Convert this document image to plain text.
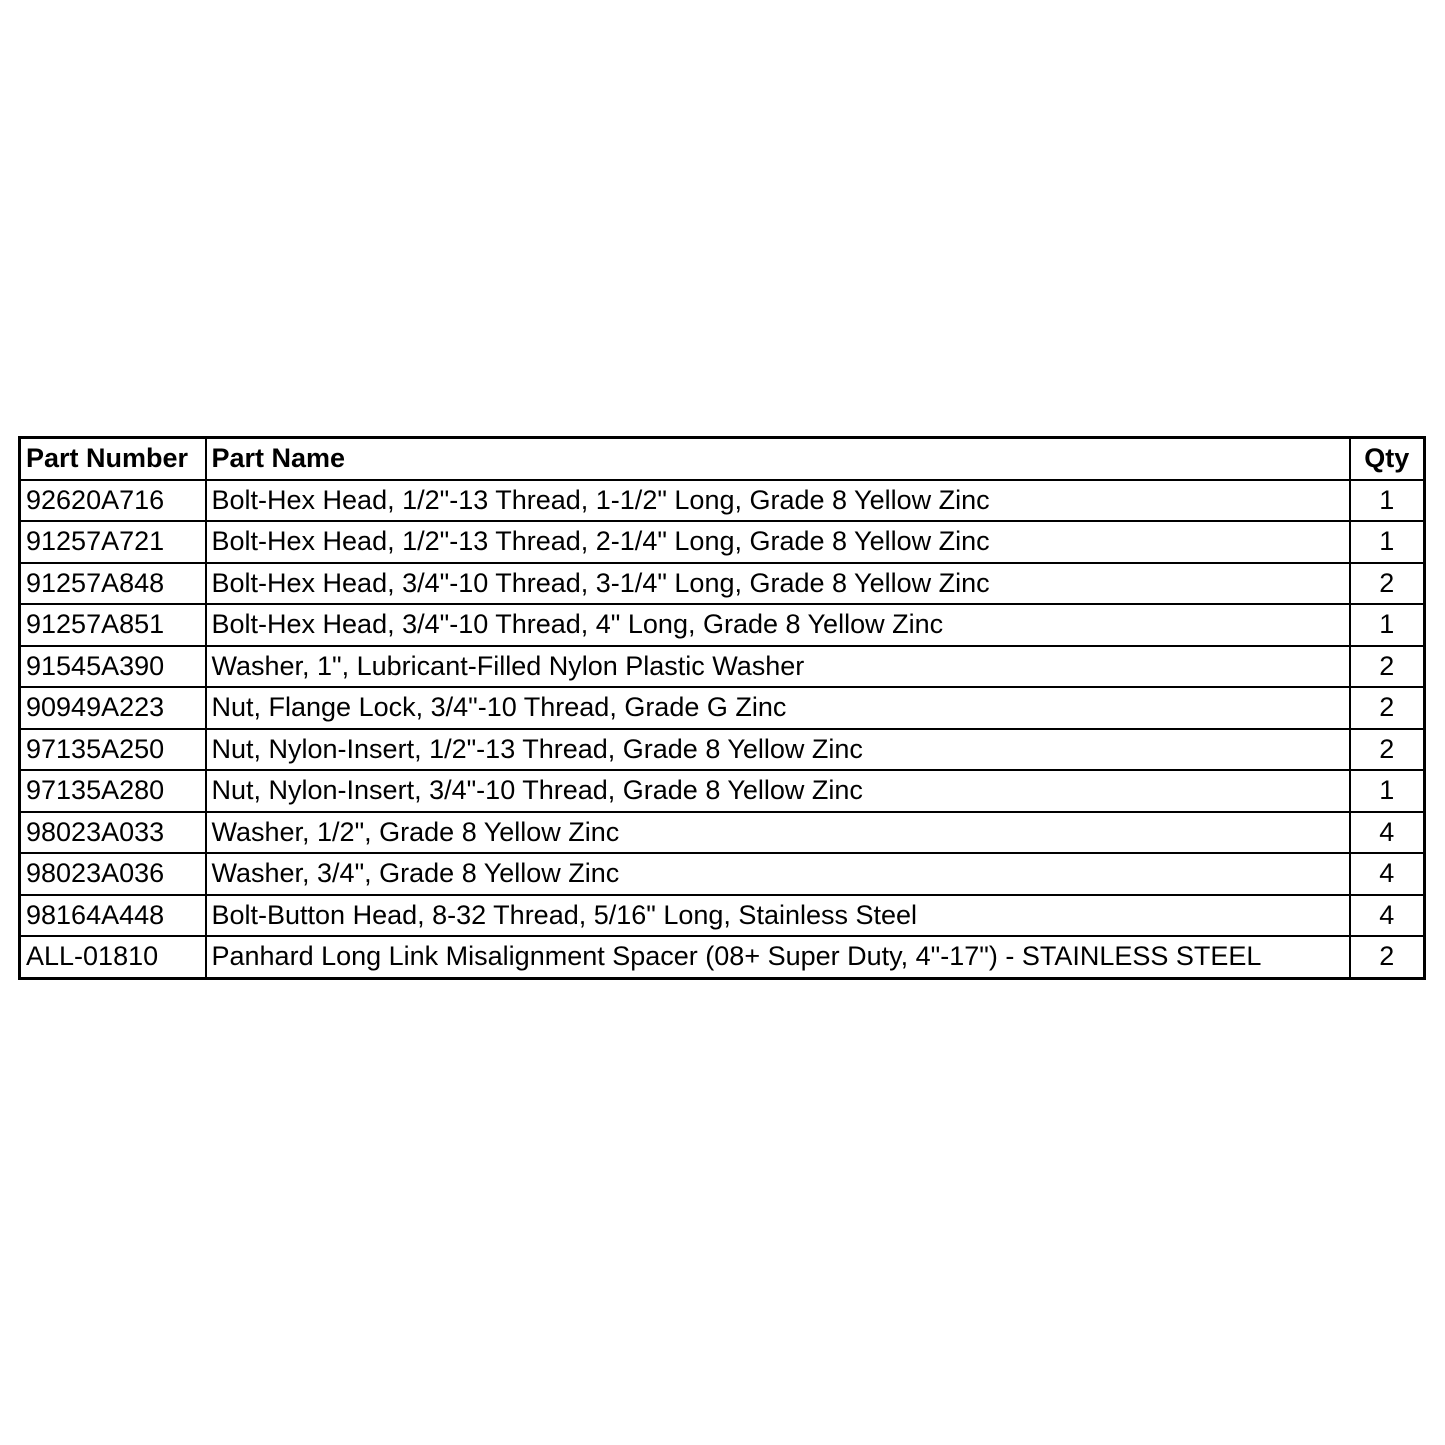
Part Number	Part Name	Qty
92620A716	Bolt-Hex Head, 1/2"-13 Thread, 1-1/2" Long, Grade 8 Yellow Zinc	1
91257A721	Bolt-Hex Head, 1/2"-13 Thread, 2-1/4" Long, Grade 8 Yellow Zinc	1
91257A848	Bolt-Hex Head, 3/4"-10 Thread, 3-1/4" Long, Grade 8 Yellow Zinc	2
91257A851	Bolt-Hex Head, 3/4"-10 Thread, 4" Long, Grade 8 Yellow Zinc	1
91545A390	Washer, 1", Lubricant-Filled Nylon Plastic Washer	2
90949A223	Nut, Flange Lock, 3/4"-10 Thread, Grade G Zinc	2
97135A250	Nut, Nylon-Insert, 1/2"-13 Thread, Grade 8 Yellow Zinc	2
97135A280	Nut, Nylon-Insert, 3/4"-10 Thread, Grade 8 Yellow Zinc	1
98023A033	Washer, 1/2", Grade 8 Yellow Zinc	4
98023A036	Washer, 3/4", Grade 8 Yellow Zinc	4
98164A448	Bolt-Button Head, 8-32 Thread, 5/16" Long, Stainless Steel	4
ALL-01810	Panhard Long Link Misalignment Spacer (08+ Super Duty, 4"-17") - STAINLESS STEEL	2
